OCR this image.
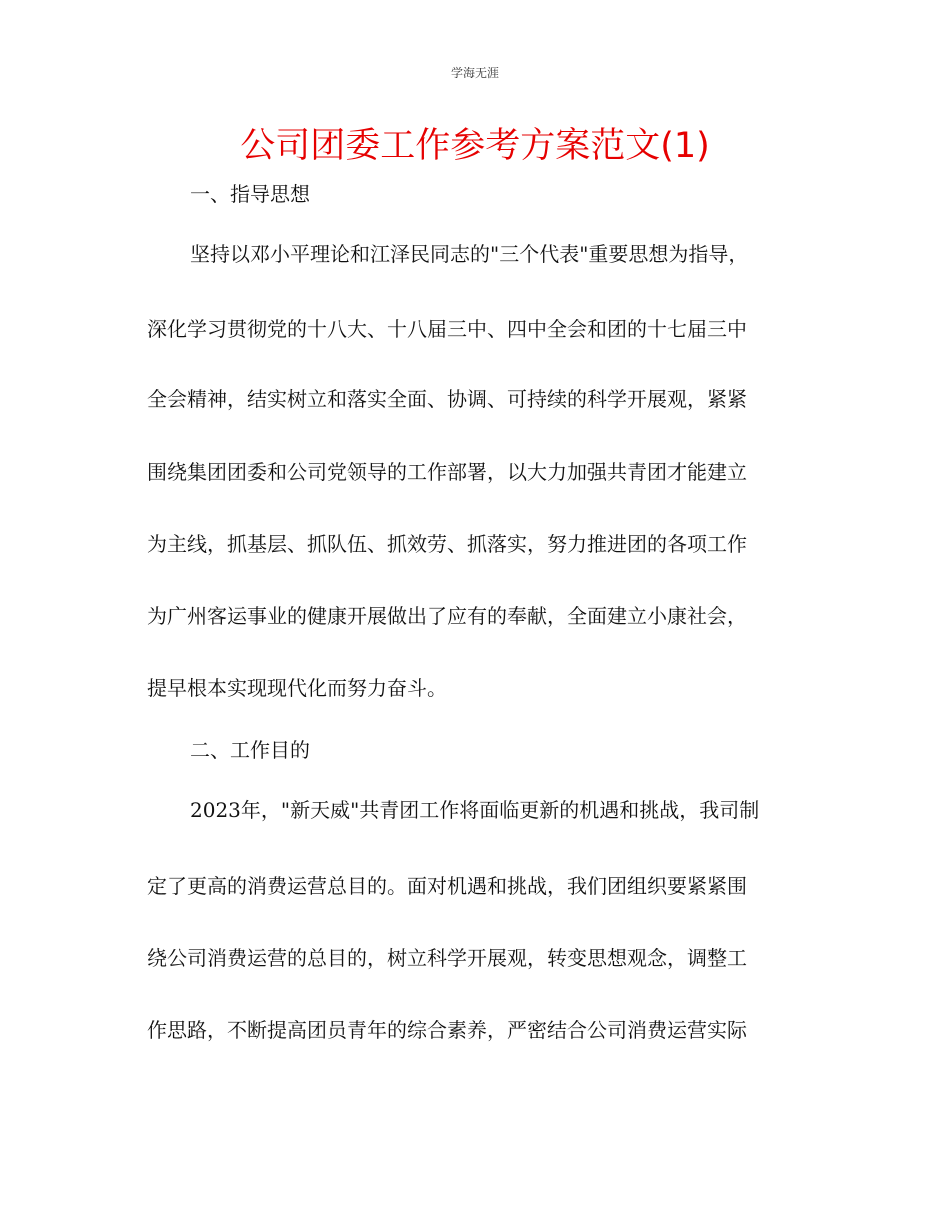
学海无涯
公司团委工作参考方案范文(1)
一、指导思想
坚持以邓小平理论和江泽民同志的"三个代表"重要思想为指导，
深化学习贯彻党的十八大、十八届三中、四中全会和团的十七届三中
全会精神，结实树立和落实全面、协调、可持续的科学开展观，紧紧
围绕集团团委和公司党领导的工作部署，以大力加强共青团才能建立
为主线，抓基层、抓队伍、抓效劳、抓落实，努力推进团的各项工作
为广州客运事业的健康开展做出了应有的奉献，全面建立小康社会，
提早根本实现现代化而努力奋斗。
二、工作目的
2023年，"新天威"共青团工作将面临更新的机遇和挑战，我司制
定了更高的消费运营总目的。面对机遇和挑战，我们团组织要紧紧围
绕公司消费运营的总目的，树立科学开展观，转变思想观念，调整工
作思路，不断提高团员青年的综合素养，严密结合公司消费运营实际
